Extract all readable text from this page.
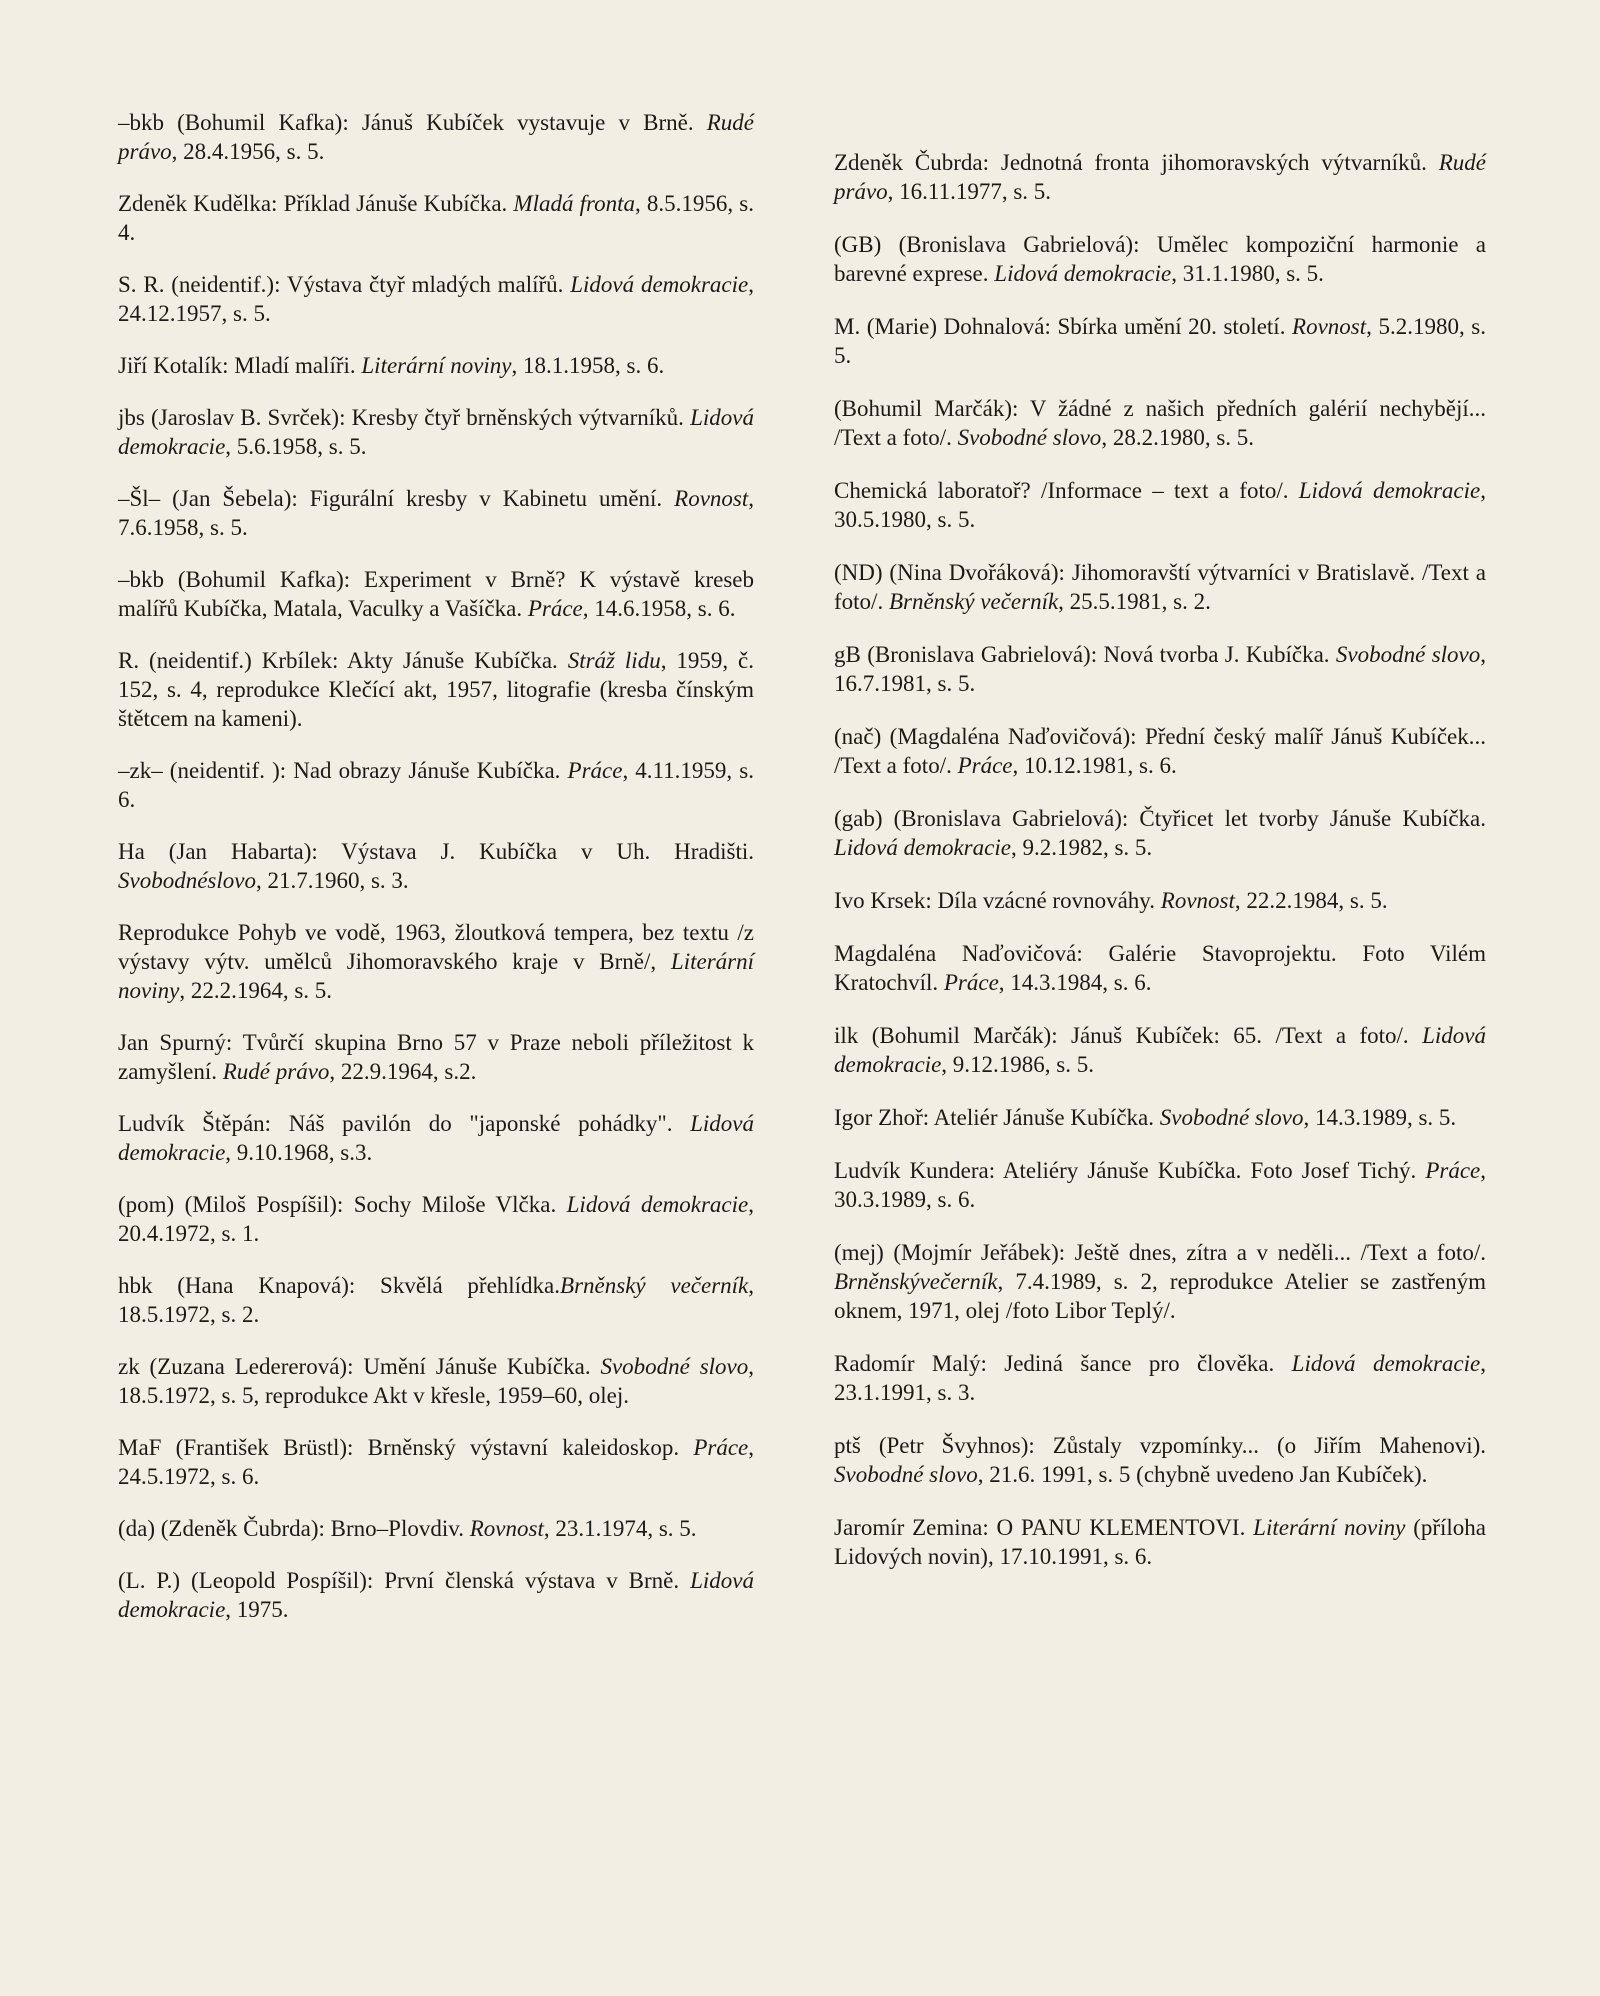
–bkb (Bohumil Kafka): Jánuš Kubíček vystavuje v Brně. Rudé právo, 28.4.1956, s. 5.

Zdeněk Kudělka: Příklad Jánuše Kubíčka. Mladá fronta, 8.5.1956, s. 4.

S. R. (neidentif.): Výstava čtyř mladých malířů. Lidová demokracie, 24.12.1957, s. 5.

Jiří Kotalík: Mladí malíři. Literární noviny, 18.1.1958, s. 6.

jbs (Jaroslav B. Svrček): Kresby čtyř brněnských výtvarníků. Lidová demokracie, 5.6.1958, s. 5.

–Šl– (Jan Šebela): Figurální kresby v Kabinetu umění. Rovnost, 7.6.1958, s. 5.

–bkb (Bohumil Kafka): Experiment v Brně? K výstavě kreseb malířů Kubíčka, Matala, Vaculky a Vašíčka. Práce, 14.6.1958, s. 6.

R. (neidentif.) Krbílek: Akty Jánuše Kubíčka. Stráž lidu, 1959, č. 152, s. 4, reprodukce Klečící akt, 1957, litografie (kresba čínským štětcem na kameni).

–zk– (neidentif. ): Nad obrazy Jánuše Kubíčka. Práce, 4.11.1959, s. 6.

Ha (Jan Habarta): Výstava J. Kubíčka v Uh. Hradišti. Svobodnéslovo, 21.7.1960, s. 3.

Reprodukce Pohyb ve vodě, 1963, žloutková tempera, bez textu /z výstavy výtv. umělců Jihomoravského kraje v Brně/, Literární noviny, 22.2.1964, s. 5.

Jan Spurný: Tvůrčí skupina Brno 57 v Praze neboli příležitost k zamyšlení. Rudé právo, 22.9.1964, s.2.

Ludvík Štěpán: Náš pavilón do "japonské pohádky". Lidová demokracie, 9.10.1968, s.3.

(pom) (Miloš Pospíšil): Sochy Miloše Vlčka. Lidová demokracie, 20.4.1972, s. 1.

hbk (Hana Knapová): Skvělá přehlídka.Brněnský večerník, 18.5.1972, s. 2.

zk (Zuzana Ledererová): Umění Jánuše Kubíčka. Svobodné slovo, 18.5.1972, s. 5, reprodukce Akt v křesle, 1959–60, olej.

MaF (František Brüstl): Brněnský výstavní kaleidoskop. Práce, 24.5.1972, s. 6.

(da) (Zdeněk Čubrda): Brno–Plovdiv. Rovnost, 23.1.1974, s. 5.

(L. P.) (Leopold Pospíšil): První členská výstava v Brně. Lidová demokracie, 1975.

Zdeněk Čubrda: Jednotná fronta jihomoravských výtvarníků. Rudé právo, 16.11.1977, s. 5.

(GB) (Bronislava Gabrielová): Umělec kompoziční harmonie a barevné exprese. Lidová demokracie, 31.1.1980, s. 5.

M. (Marie) Dohnalová: Sbírka umění 20. století. Rovnost, 5.2.1980, s. 5.

(Bohumil Marčák): V žádné z našich předních galérií nechybějí... /Text a foto/. Svobodné slovo, 28.2.1980, s. 5.

Chemická laboratoř? /Informace – text a foto/. Lidová demokracie, 30.5.1980, s. 5.

(ND) (Nina Dvořáková): Jihomoravští výtvarníci v Bratislavě. /Text a foto/. Brněnský večerník, 25.5.1981, s. 2.

gB (Bronislava Gabrielová): Nová tvorba J. Kubíčka. Svobodné slovo, 16.7.1981, s. 5.

(nač) (Magdaléna Naďovičová): Přední český malíř Jánuš Kubíček... /Text a foto/. Práce, 10.12.1981, s. 6.

(gab) (Bronislava Gabrielová): Čtyřicet let tvorby Jánuše Kubíčka. Lidová demokracie, 9.2.1982, s. 5.

Ivo Krsek: Díla vzácné rovnováhy. Rovnost, 22.2.1984, s. 5.

Magdaléna Naďovičová: Galérie Stavoprojektu. Foto Vilém Kratochvíl. Práce, 14.3.1984, s. 6.

ilk (Bohumil Marčák): Jánuš Kubíček: 65. /Text a foto/. Lidová demokracie, 9.12.1986, s. 5.

Igor Zhoř: Ateliér Jánuše Kubíčka. Svobodné slovo, 14.3.1989, s. 5.

Ludvík Kundera: Ateliéry Jánuše Kubíčka. Foto Josef Tichý. Práce, 30.3.1989, s. 6.

(mej) (Mojmír Jeřábek): Ještě dnes, zítra a v neděli... /Text a foto/. Brněnskývečerník, 7.4.1989, s. 2, reprodukce Atelier se zastřeným oknem, 1971, olej /foto Libor Teplý/.

Radomír Malý: Jediná šance pro člověka. Lidová demokracie, 23.1.1991, s. 3.

ptš (Petr Švyhnos): Zůstaly vzpomínky... (o Jiřím Mahenovi). Svobodné slovo, 21.6. 1991, s. 5 (chybně uvedeno Jan Kubíček).

Jaromír Zemina: O PANU KLEMENTOVI. Literární noviny (příloha Lidových novin), 17.10.1991, s. 6.
